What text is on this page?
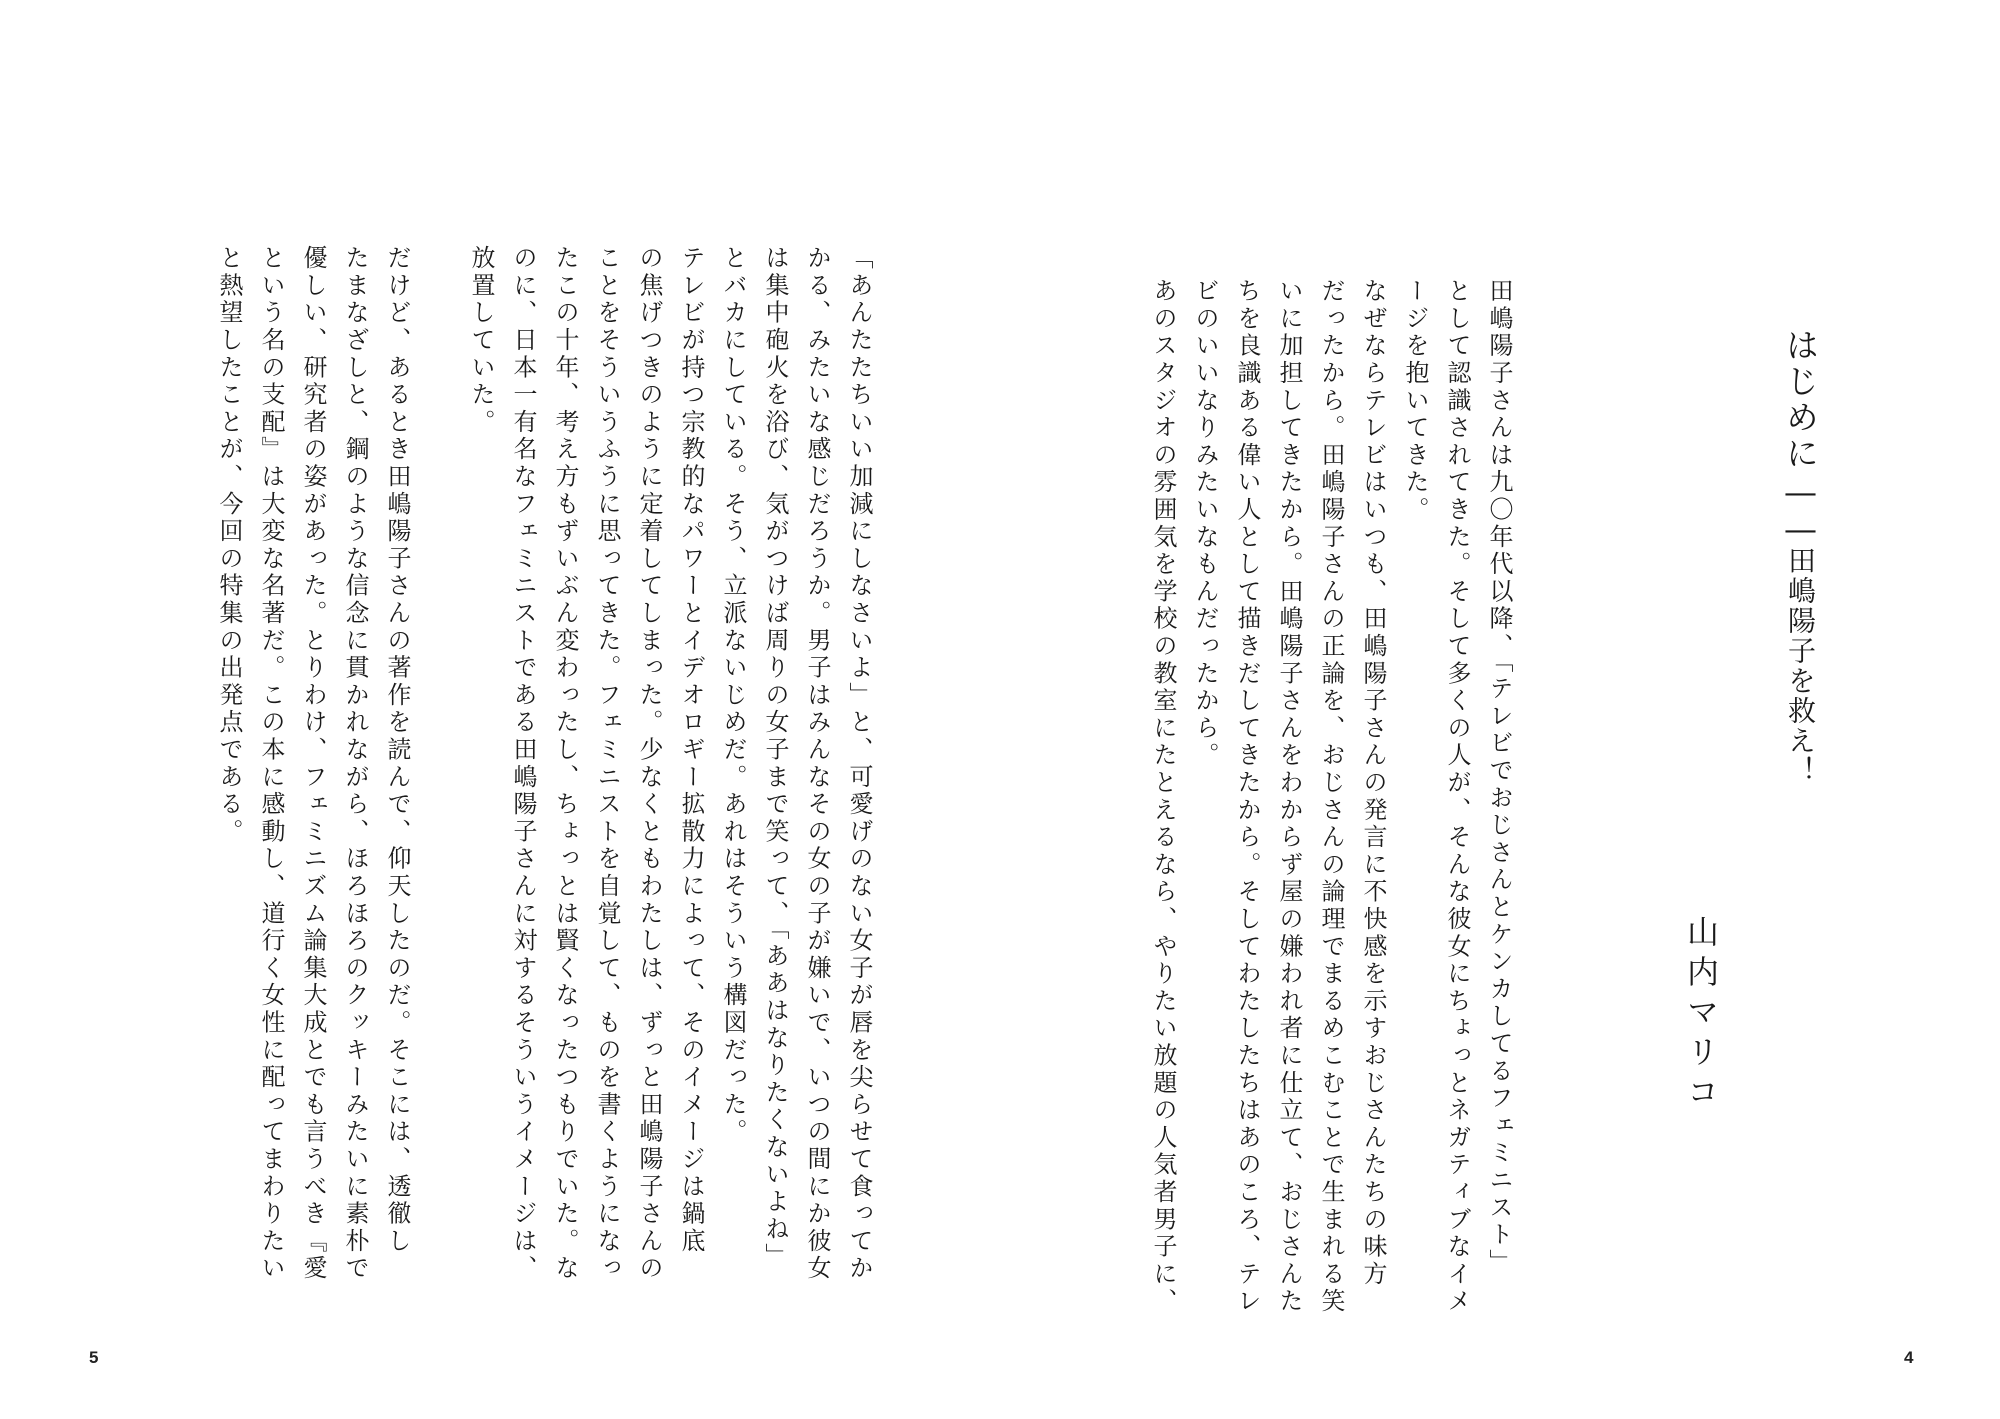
はじめに——田嶋陽子を救え！
山内マリコ
田嶋陽子さんは九〇年代以降、「テレビでおじさんとケンカしてるフェミニスト」
として認識されてきた。そして多くの人が、そんな彼女にちょっとネガティブなイメ
ージを抱いてきた。
なぜならテレビはいつも、田嶋陽子さんの発言に不快感を示すおじさんたちの味方
だったから。田嶋陽子さんの正論を、おじさんの論理でまるめこむことで生まれる笑
いに加担してきたから。田嶋陽子さんをわからず屋の嫌われ者に仕立て、おじさんた
ちを良識ある偉い人として描きだしてきたから。そしてわたしたちはあのころ、テレ
ビのいいなりみたいなもんだったから。
あのスタジオの雰囲気を学校の教室にたとえるなら、やりたい放題の人気者男子に、
「あんたたちいい加減にしなさいよ」と、可愛げのない女子が唇を尖らせて食ってか
かる、みたいな感じだろうか。男子はみんなその女の子が嫌いで、いつの間にか彼女
は集中砲火を浴び、気がつけば周りの女子まで笑って、「ああはなりたくないよね」
とバカにしている。そう、立派ないじめだ。あれはそういう構図だった。
テレビが持つ宗教的なパワーとイデオロギー拡散力によって、そのイメージは鍋底
の焦げつきのように定着してしまった。少なくともわたしは、ずっと田嶋陽子さんの
ことをそういうふうに思ってきた。フェミニストを自覚して、ものを書くようになっ
たこの十年、考え方もずいぶん変わったし、ちょっとは賢くなったつもりでいた。な
のに、日本一有名なフェミニストである田嶋陽子さんに対するそういうイメージは、
放置していた。
だけど、あるとき田嶋陽子さんの著作を読んで、仰天したのだ。そこには、透徹し
たまなざしと、鋼のような信念に貫かれながら、ほろほろのクッキーみたいに素朴で
優しい、研究者の姿があった。とりわけ、フェミニズム論集大成とでも言うべき『愛
という名の支配』は大変な名著だ。この本に感動し、道行く女性に配ってまわりたい
と熱望したことが、今回の特集の出発点である。
5	4
